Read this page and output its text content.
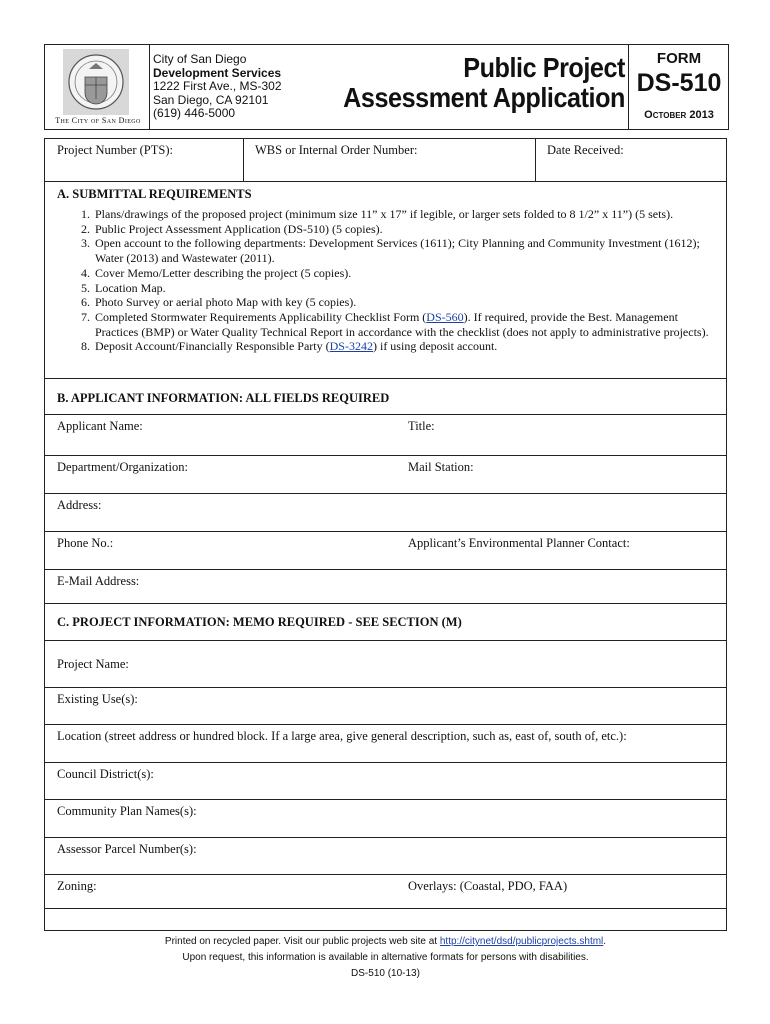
The City of San Diego
City of San Diego
Development Services
1222 First Ave., MS-302
San Diego, CA 92101
(619) 446-5000
Public Project
Assessment Application
FORM
DS-510
October 2013
Project Number (PTS):	WBS or Internal Order Number:	Date Received:
A. SUBMITTAL REQUIREMENTS
1. Plans/drawings of the proposed project (minimum size 11” x 17” if legible, or larger sets folded to 8 1/2” x 11”) (5 sets).
2. Public Project Assessment Application (DS-510) (5 copies).
3. Open account to the following departments: Development Services (1611); City Planning and Community Investment (1612); Water (2013) and Wastewater (2011).
4. Cover Memo/Letter describing the project (5 copies).
5. Location Map.
6. Photo Survey or aerial photo Map with key (5 copies).
7. Completed Stormwater Requirements Applicability Checklist Form (DS-560). If required, provide the Best. Management Practices (BMP) or Water Quality Technical Report in accordance with the checklist (does not apply to administrative projects).
8. Deposit Account/Financially Responsible Party (DS-3242) if using deposit account.
B. APPLICANT INFORMATION: ALL FIELDS REQUIRED
Applicant Name:	Title:
Department/Organization:	Mail Station:
Address:
Phone No.:	Applicant’s Environmental Planner Contact:
E-Mail Address:
C. PROJECT INFORMATION: MEMO REQUIRED - SEE SECTION (M)
Project Name:
Existing Use(s):
Location (street address or hundred block. If a large area, give general description, such as, east of, south of, etc.):
Council District(s):
Community Plan Names(s):
Assessor Parcel Number(s):
Zoning:	Overlays: (Coastal, PDO, FAA)
Printed on recycled paper. Visit our public projects web site at http://citynet/dsd/publicprojects.shtml.
Upon request, this information is available in alternative formats for persons with disabilities.
DS-510 (10-13)
